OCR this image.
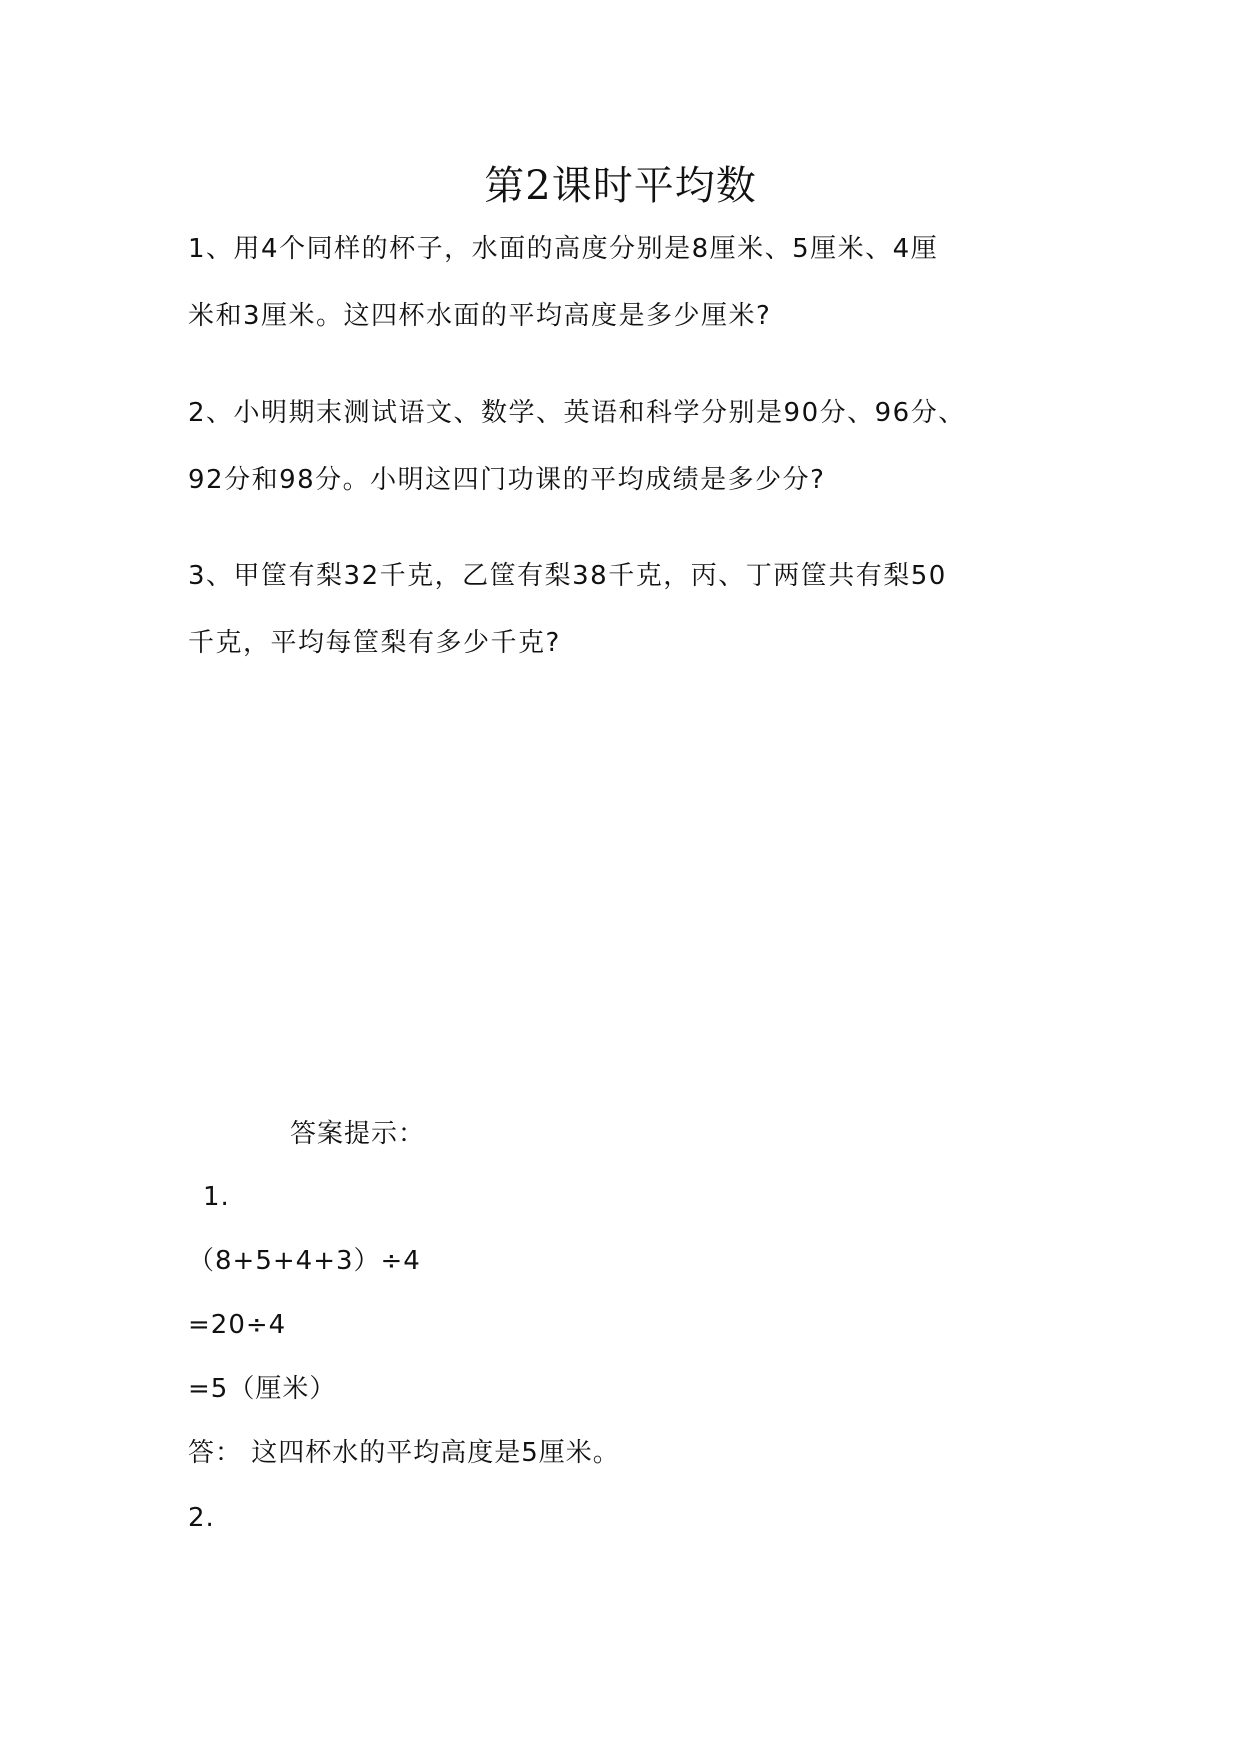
第2课时平均数
1、用4个同样的杯子，水面的高度分别是8厘米、5厘米、4厘
米和3厘米。这四杯水面的平均高度是多少厘米?
2、小明期末测试语文、数学、英语和科学分别是90分、96分、
92分和98分。小明这四门功课的平均成绩是多少分?
3、甲筐有梨32千克，乙筐有梨38千克，丙、丁两筐共有梨50
千克，平均每筐梨有多少千克?
答案提示：
1.
（8+5+4+3）÷4
=20÷4
=5（厘米）
答： 这四杯水的平均高度是5厘米。
2.
